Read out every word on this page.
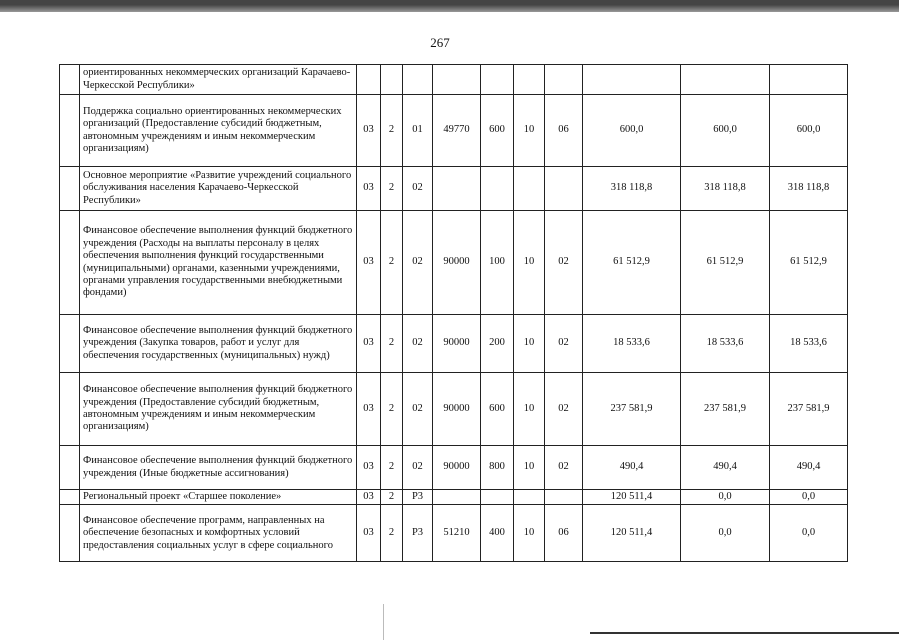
267
	ориентированных некоммерческих организаций Карачаево-Черкесской Республики»										
	Поддержка социально ориентированных некоммерческих организаций (Предоставление субсидий бюджетным, автономным учреждениям и иным некоммерческим организациям)	03	2	01	49770	600	10	06	600,0	600,0	600,0
	Основное мероприятие «Развитие учреждений социального обслуживания населения Карачаево-Черкесской Республики»	03	2	02					318 118,8	318 118,8	318 118,8
	Финансовое обеспечение выполнения функций бюджетного учреждения (Расходы на выплаты персоналу в целях обеспечения выполнения функций государственными (муниципальными) органами, казенными учреждениями, органами управления государственными внебюджетными фондами)	03	2	02	90000	100	10	02	61 512,9	61 512,9	61 512,9
	Финансовое обеспечение выполнения функций бюджетного учреждения (Закупка товаров, работ и услуг для обеспечения государственных (муниципальных) нужд)	03	2	02	90000	200	10	02	18 533,6	18 533,6	18 533,6
	Финансовое обеспечение выполнения функций бюджетного учреждения (Предоставление субсидий бюджетным, автономным учреждениям и иным некоммерческим организациям)	03	2	02	90000	600	10	02	237 581,9	237 581,9	237 581,9
	Финансовое обеспечение выполнения функций бюджетного учреждения (Иные бюджетные ассигнования)	03	2	02	90000	800	10	02	490,4	490,4	490,4
	Региональный проект «Старшее поколение»	03	2	P3					120 511,4	0,0	0,0
	Финансовое обеспечение программ, направленных на обеспечение безопасных и комфортных условий предоставления социальных услуг в сфере социального	03	2	P3	51210	400	10	06	120 511,4	0,0	0,0
